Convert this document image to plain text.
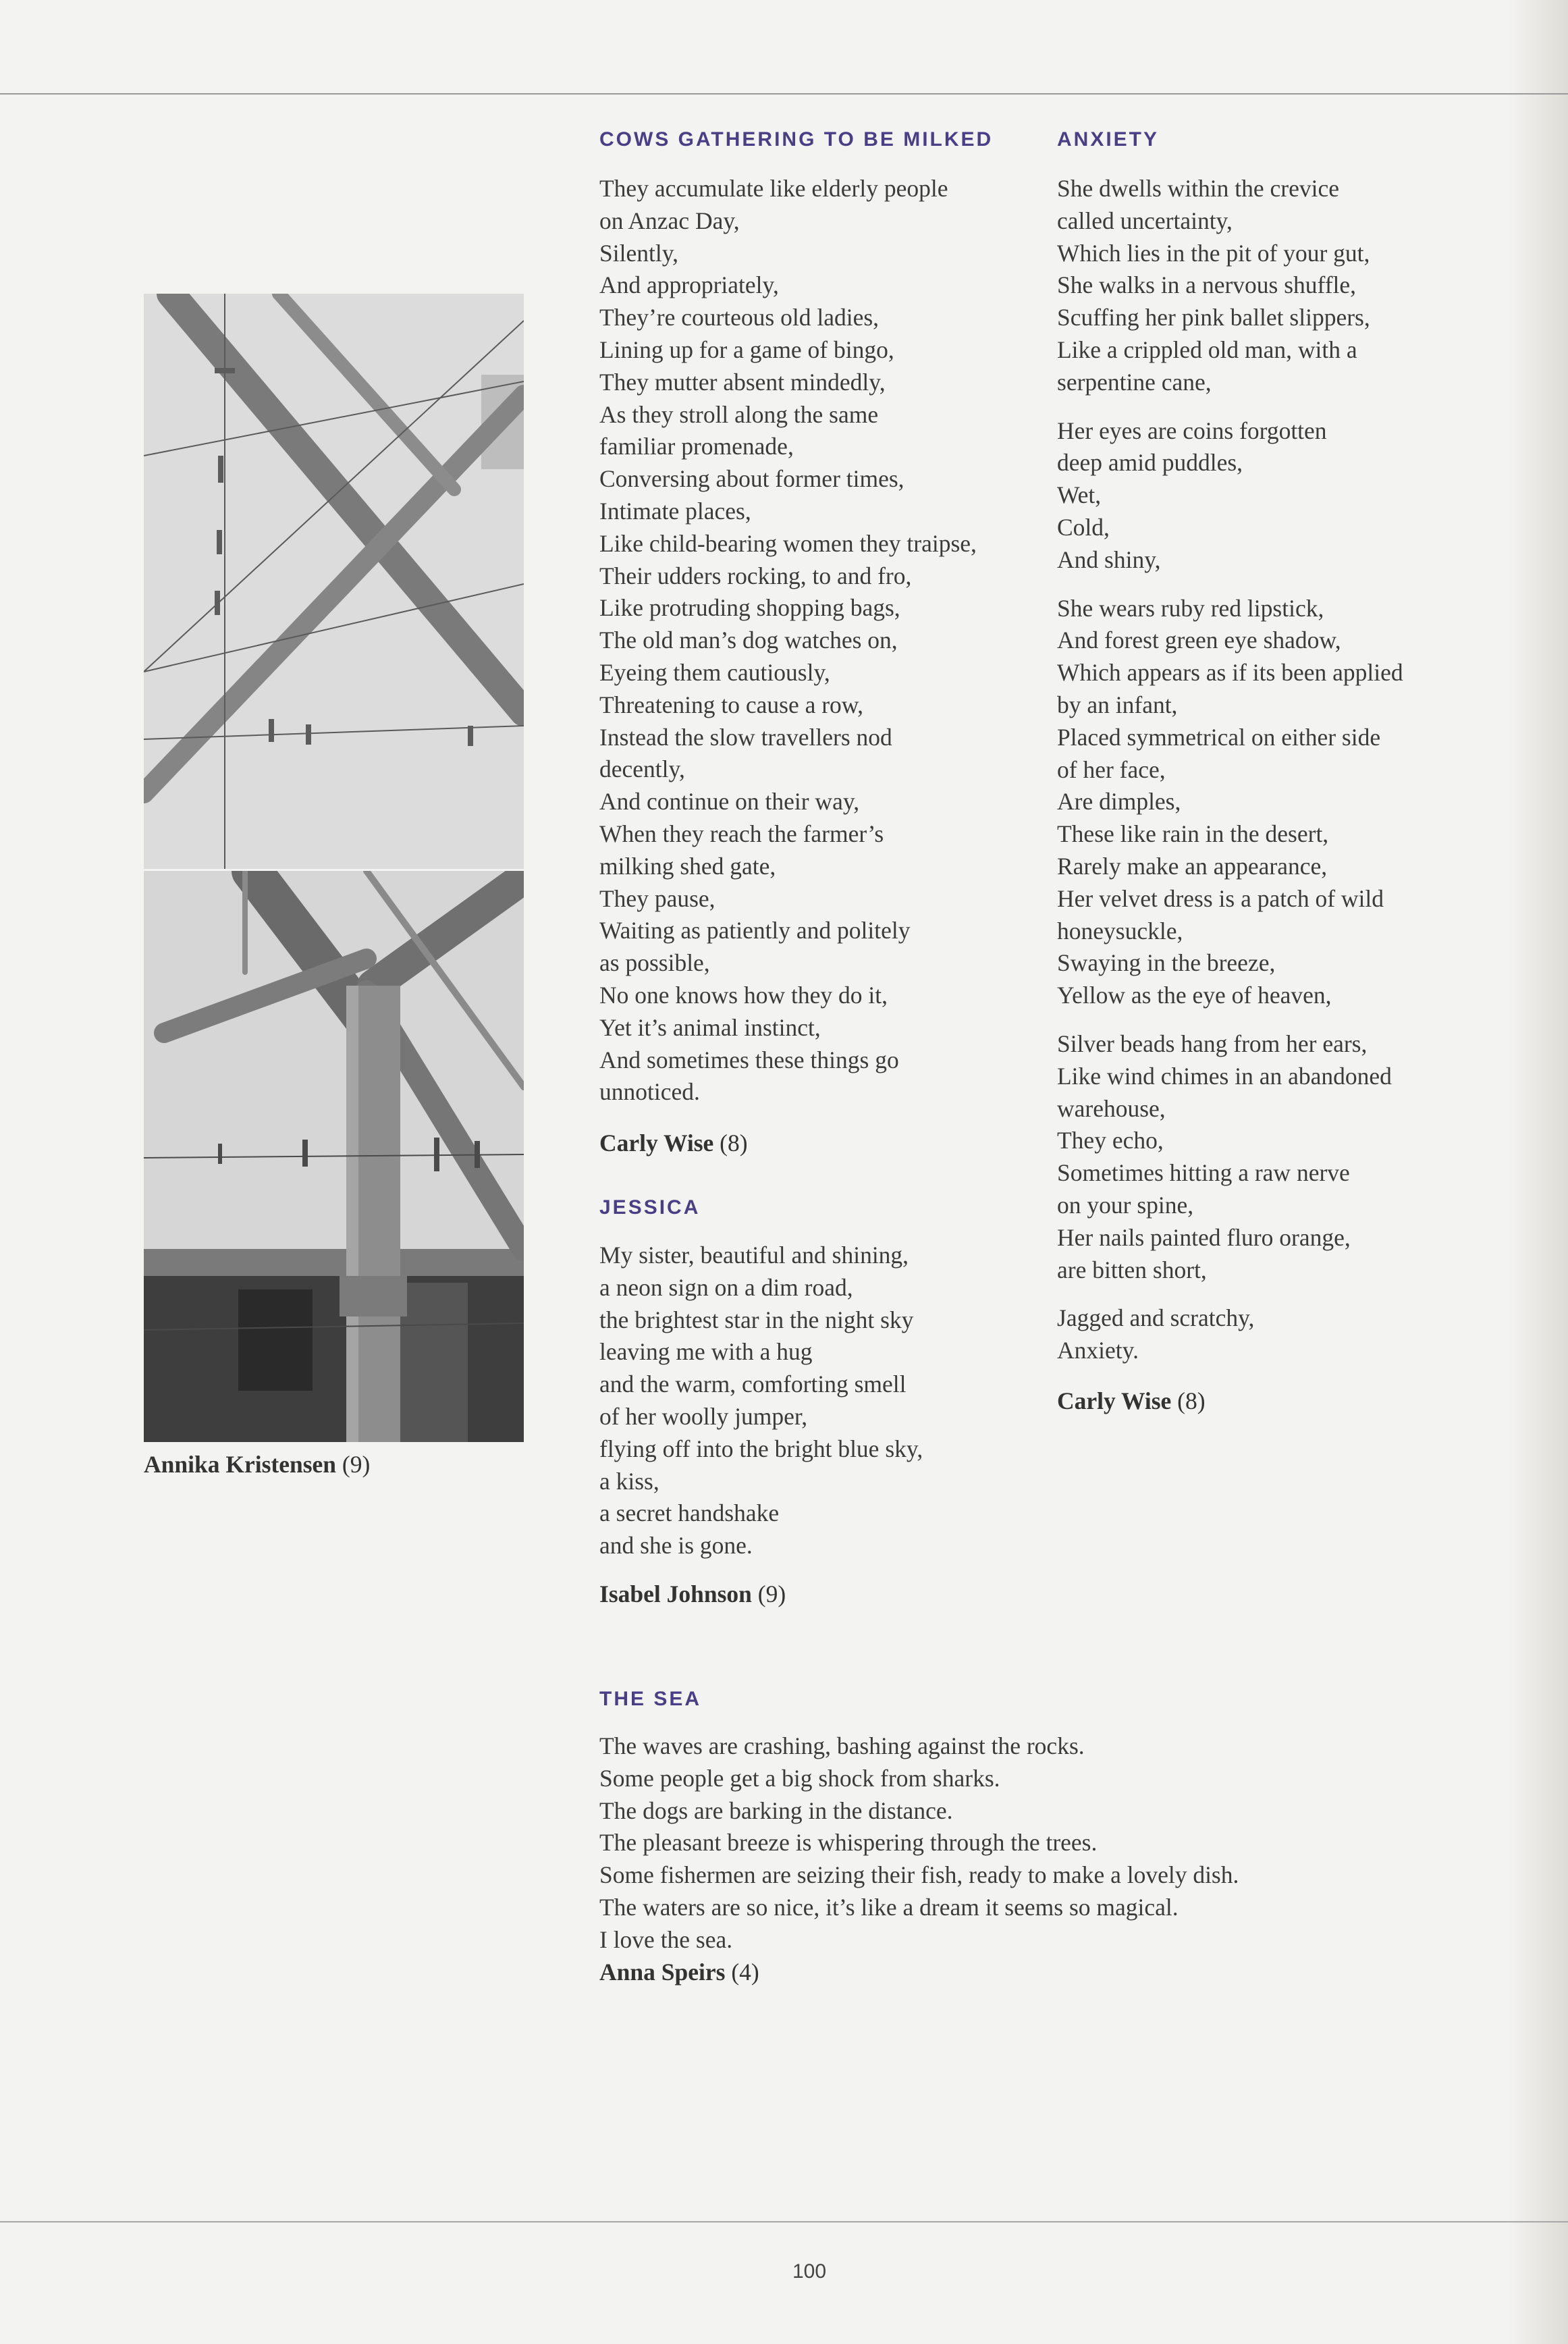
Annika Kristensen (9)
COWS GATHERING TO BE MILKED
They accumulate like elderly people
on Anzac Day,
Silently,
And appropriately,
They’re courteous old ladies,
Lining up for a game of bingo,
They mutter absent mindedly,
As they stroll along the same
familiar promenade,
Conversing about former times,
Intimate places,
Like child-bearing women they traipse,
Their udders rocking, to and fro,
Like protruding shopping bags,
The old man’s dog watches on,
Eyeing them cautiously,
Threatening to cause a row,
Instead the slow travellers nod
decently,
And continue on their way,
When they reach the farmer’s
milking shed gate,
They pause,
Waiting as patiently and politely
as possible,
No one knows how they do it,
Yet it’s animal instinct,
And sometimes these things go
unnoticed.
Carly Wise (8)
JESSICA
My sister, beautiful and shining,
a neon sign on a dim road,
the brightest star in the night sky
leaving me with a hug
and the warm, comforting smell
of her woolly jumper,
flying off into the bright blue sky,
a kiss,
a secret handshake
and she is gone.
Isabel Johnson (9)
ANXIETY
She dwells within the crevice
called uncertainty,
Which lies in the pit of your gut,
She walks in a nervous shuffle,
Scuffing her pink ballet slippers,
Like a crippled old man, with a
serpentine cane,
Her eyes are coins forgotten
deep amid puddles,
Wet,
Cold,
And shiny,
She wears ruby red lipstick,
And forest green eye shadow,
Which appears as if its been applied
by an infant,
Placed symmetrical on either side
of her face,
Are dimples,
These like rain in the desert,
Rarely make an appearance,
Her velvet dress is a patch of wild
honeysuckle,
Swaying in the breeze,
Yellow as the eye of heaven,
Silver beads hang from her ears,
Like wind chimes in an abandoned
warehouse,
They echo,
Sometimes hitting a raw nerve
on your spine,
Her nails painted fluro orange,
are bitten short,
Jagged and scratchy,
Anxiety.
Carly Wise (8)
THE SEA
The waves are crashing, bashing against the rocks.
Some people get a big shock from sharks.
The dogs are barking in the distance.
The pleasant breeze is whispering through the trees.
Some fishermen are seizing their fish, ready to make a lovely dish.
The waters are so nice, it’s like a dream it seems so magical.
I love the sea.
Anna Speirs (4)
100
